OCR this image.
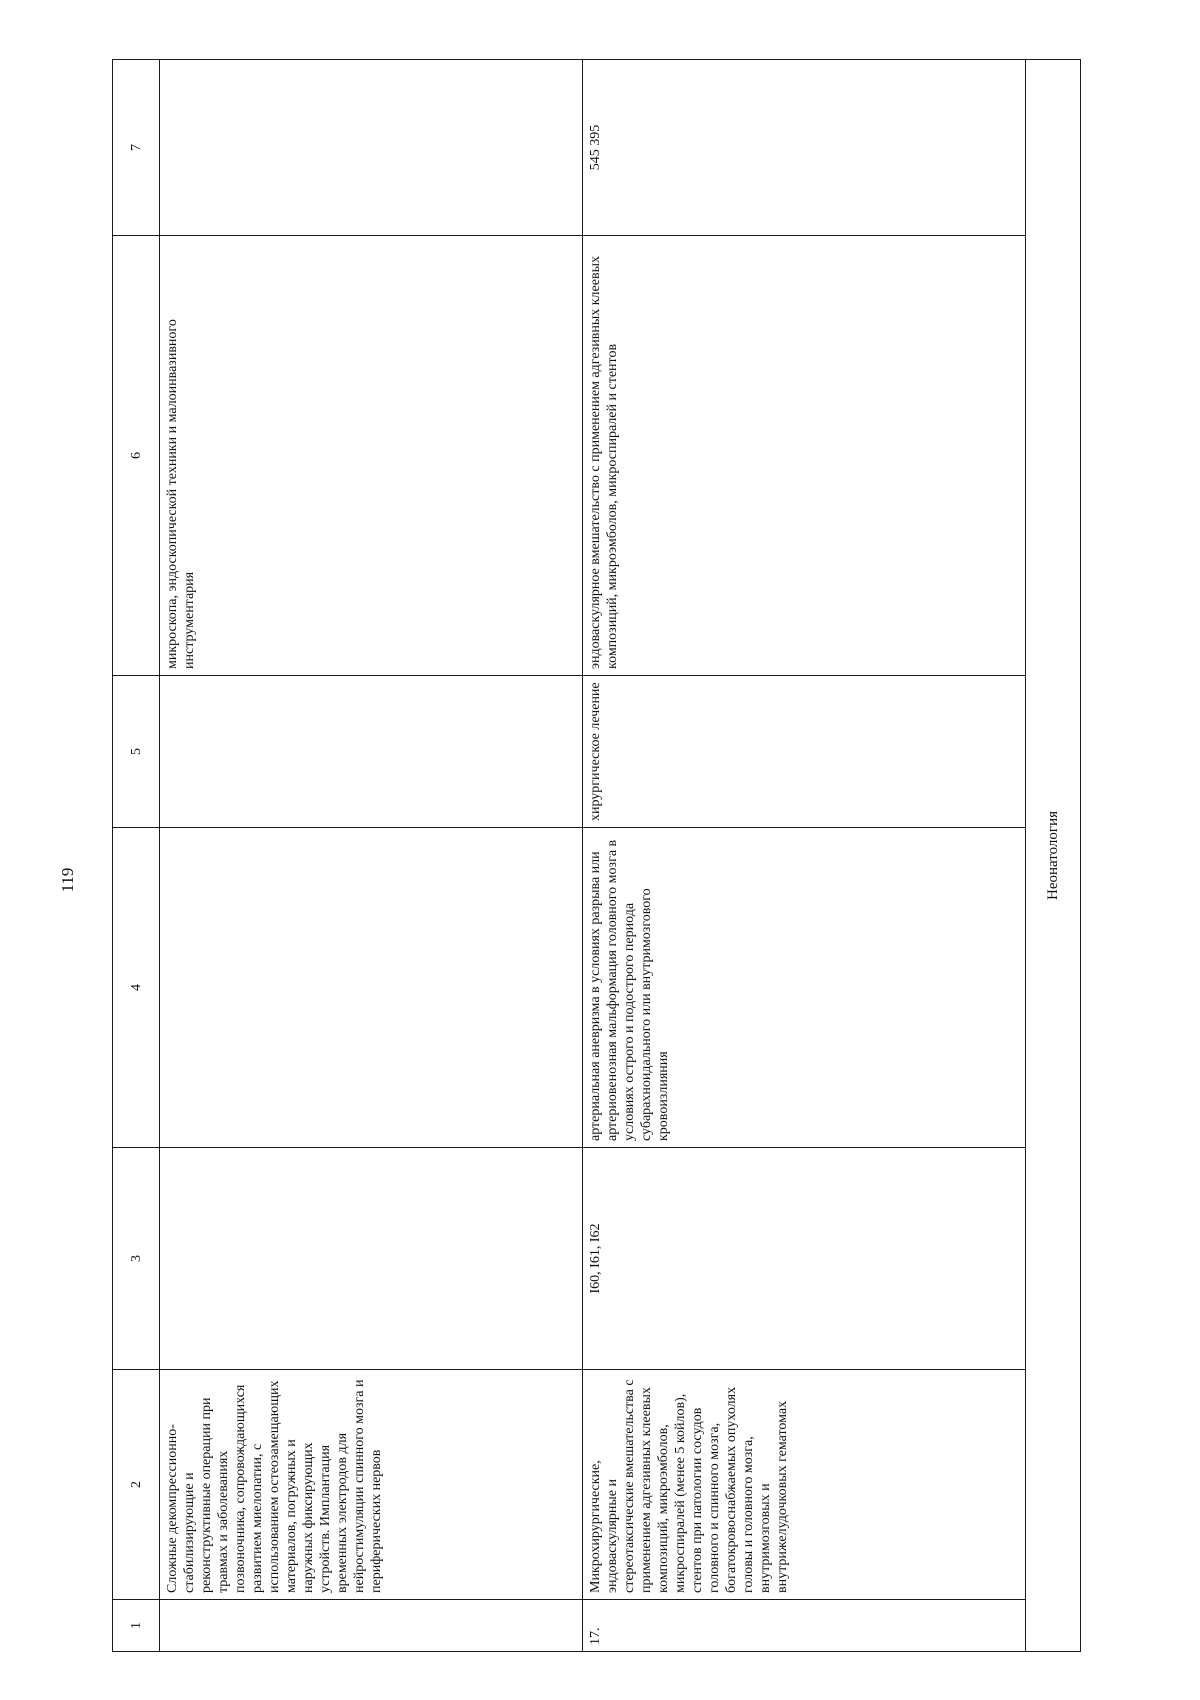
119
1	2	3	4	5	6	7
	Сложные декомпрессионно-стабилизирующие и реконструктивные операции при травмах и заболеваниях позвоночника, сопровождающихся развитием миелопатии, с использованием остеозамещающих материалов, погружных и наружных фиксирующих устройств. Имплантация временных электродов для нейростимуляции спинного мозга и периферических нервов				микроскопа, эндоскопической техники и малоинвазивного инструментария	
17.	Микрохирургические, эндоваскулярные и стереотаксические вмешательства с применением адгезивных клеевых композиций, микроэмболов, микроспиралей (менее 5 койлов), стентов при патологии сосудов головного и спинного мозга, богатокровоснабжаемых опухолях головы и головного мозга, внутримозговых и внутрижелудочковых гематомах	I60, I61, I62	артериальная аневризма в условиях разрыва или артериовенозная мальформация головного мозга в условиях острого и подострого периода субарахноидального или внутримозгового кровоизлияния	хирургическое лечение	эндоваскулярное вмешательство с применением адгезивных клеевых композиций, микроэмболов, микроспиралей и стентов	545 395
Неонатология						
